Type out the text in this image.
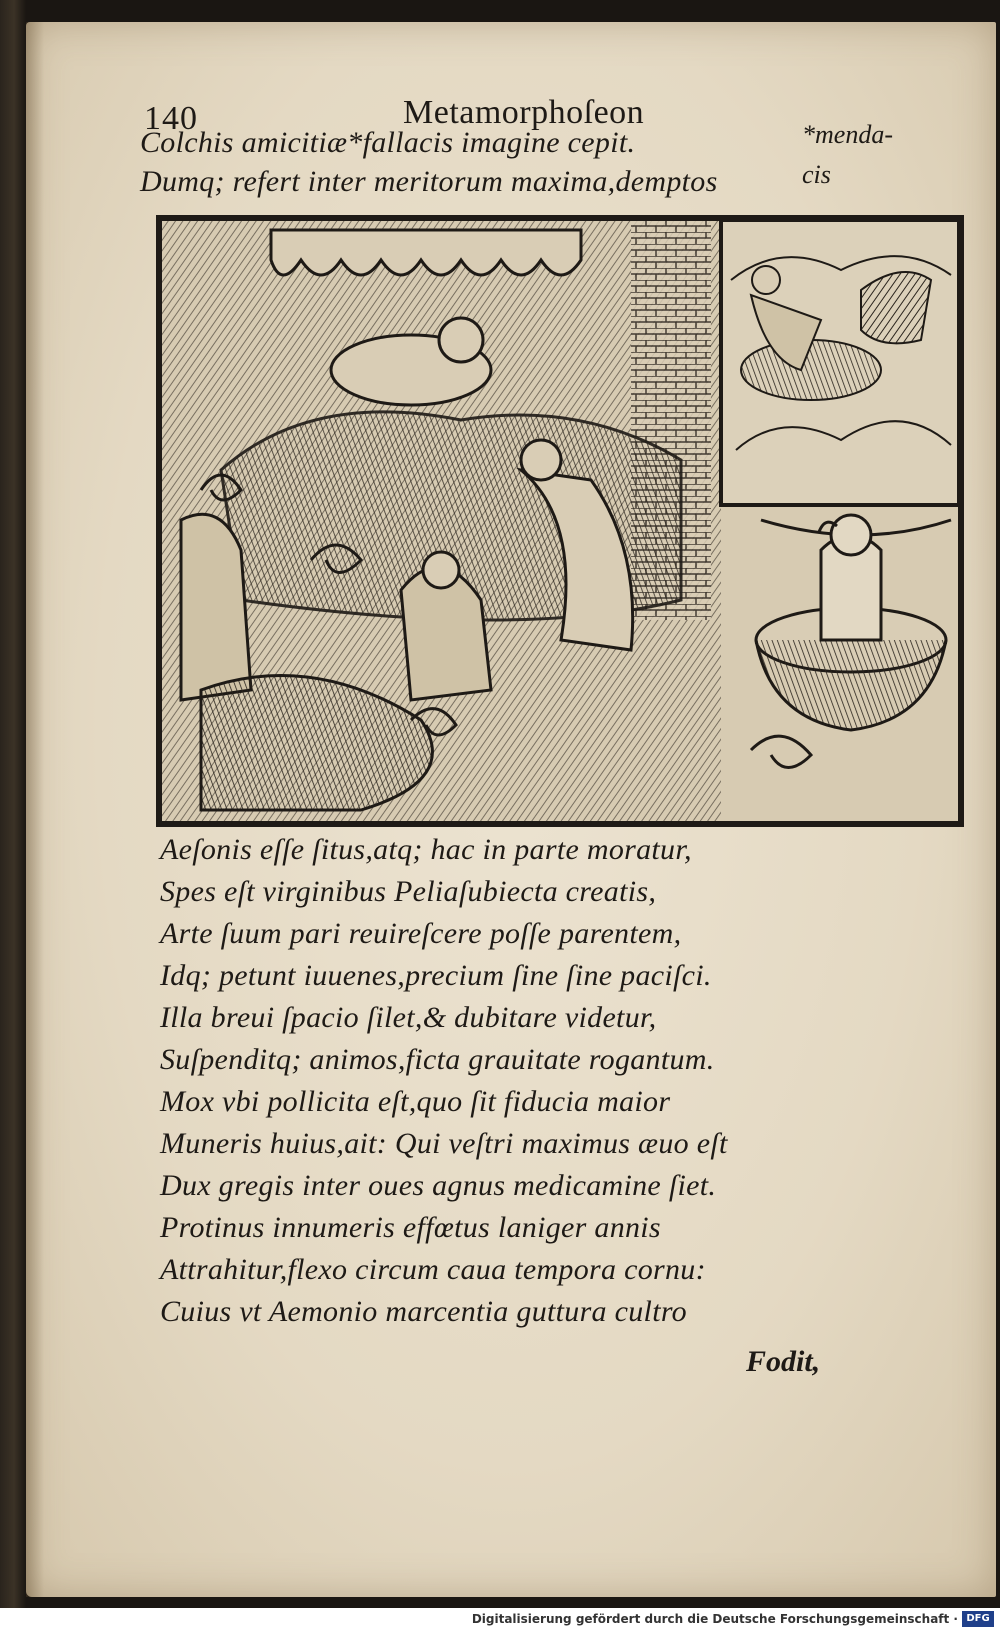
140	Metamorphoſeon
Colchis amicitiæ*fallacis imagine cepit.
Dumq; refert inter meritorum maxima,demptos
*menda-
cis
Aeſonis eſſe ſitus,atq; hac in parte moratur,
Spes eſt virginibus Peliaſubiecta creatis,
Arte ſuum pari reuireſcere poſſe parentem,
Idq; petunt iuuenes,precium ſine ſine paciſci.
Illa breui ſpacio ſilet,& dubitare videtur,
Suſpenditq; animos,ficta grauitate rogantum.
Mox vbi pollicita eſt,quo ſit fiducia maior
Muneris huius,ait: Qui veſtri maximus æuo eſt
Dux gregis inter oues agnus medicamine ſiet.
Protinus innumeris effœtus laniger annis
Attrahitur,flexo circum caua tempora cornu:
Cuius vt Aemonio marcentia guttura cultro
Fodit,
Digitalisierung gefördert durch die Deutsche Forschungsgemeinschaft · DFG
